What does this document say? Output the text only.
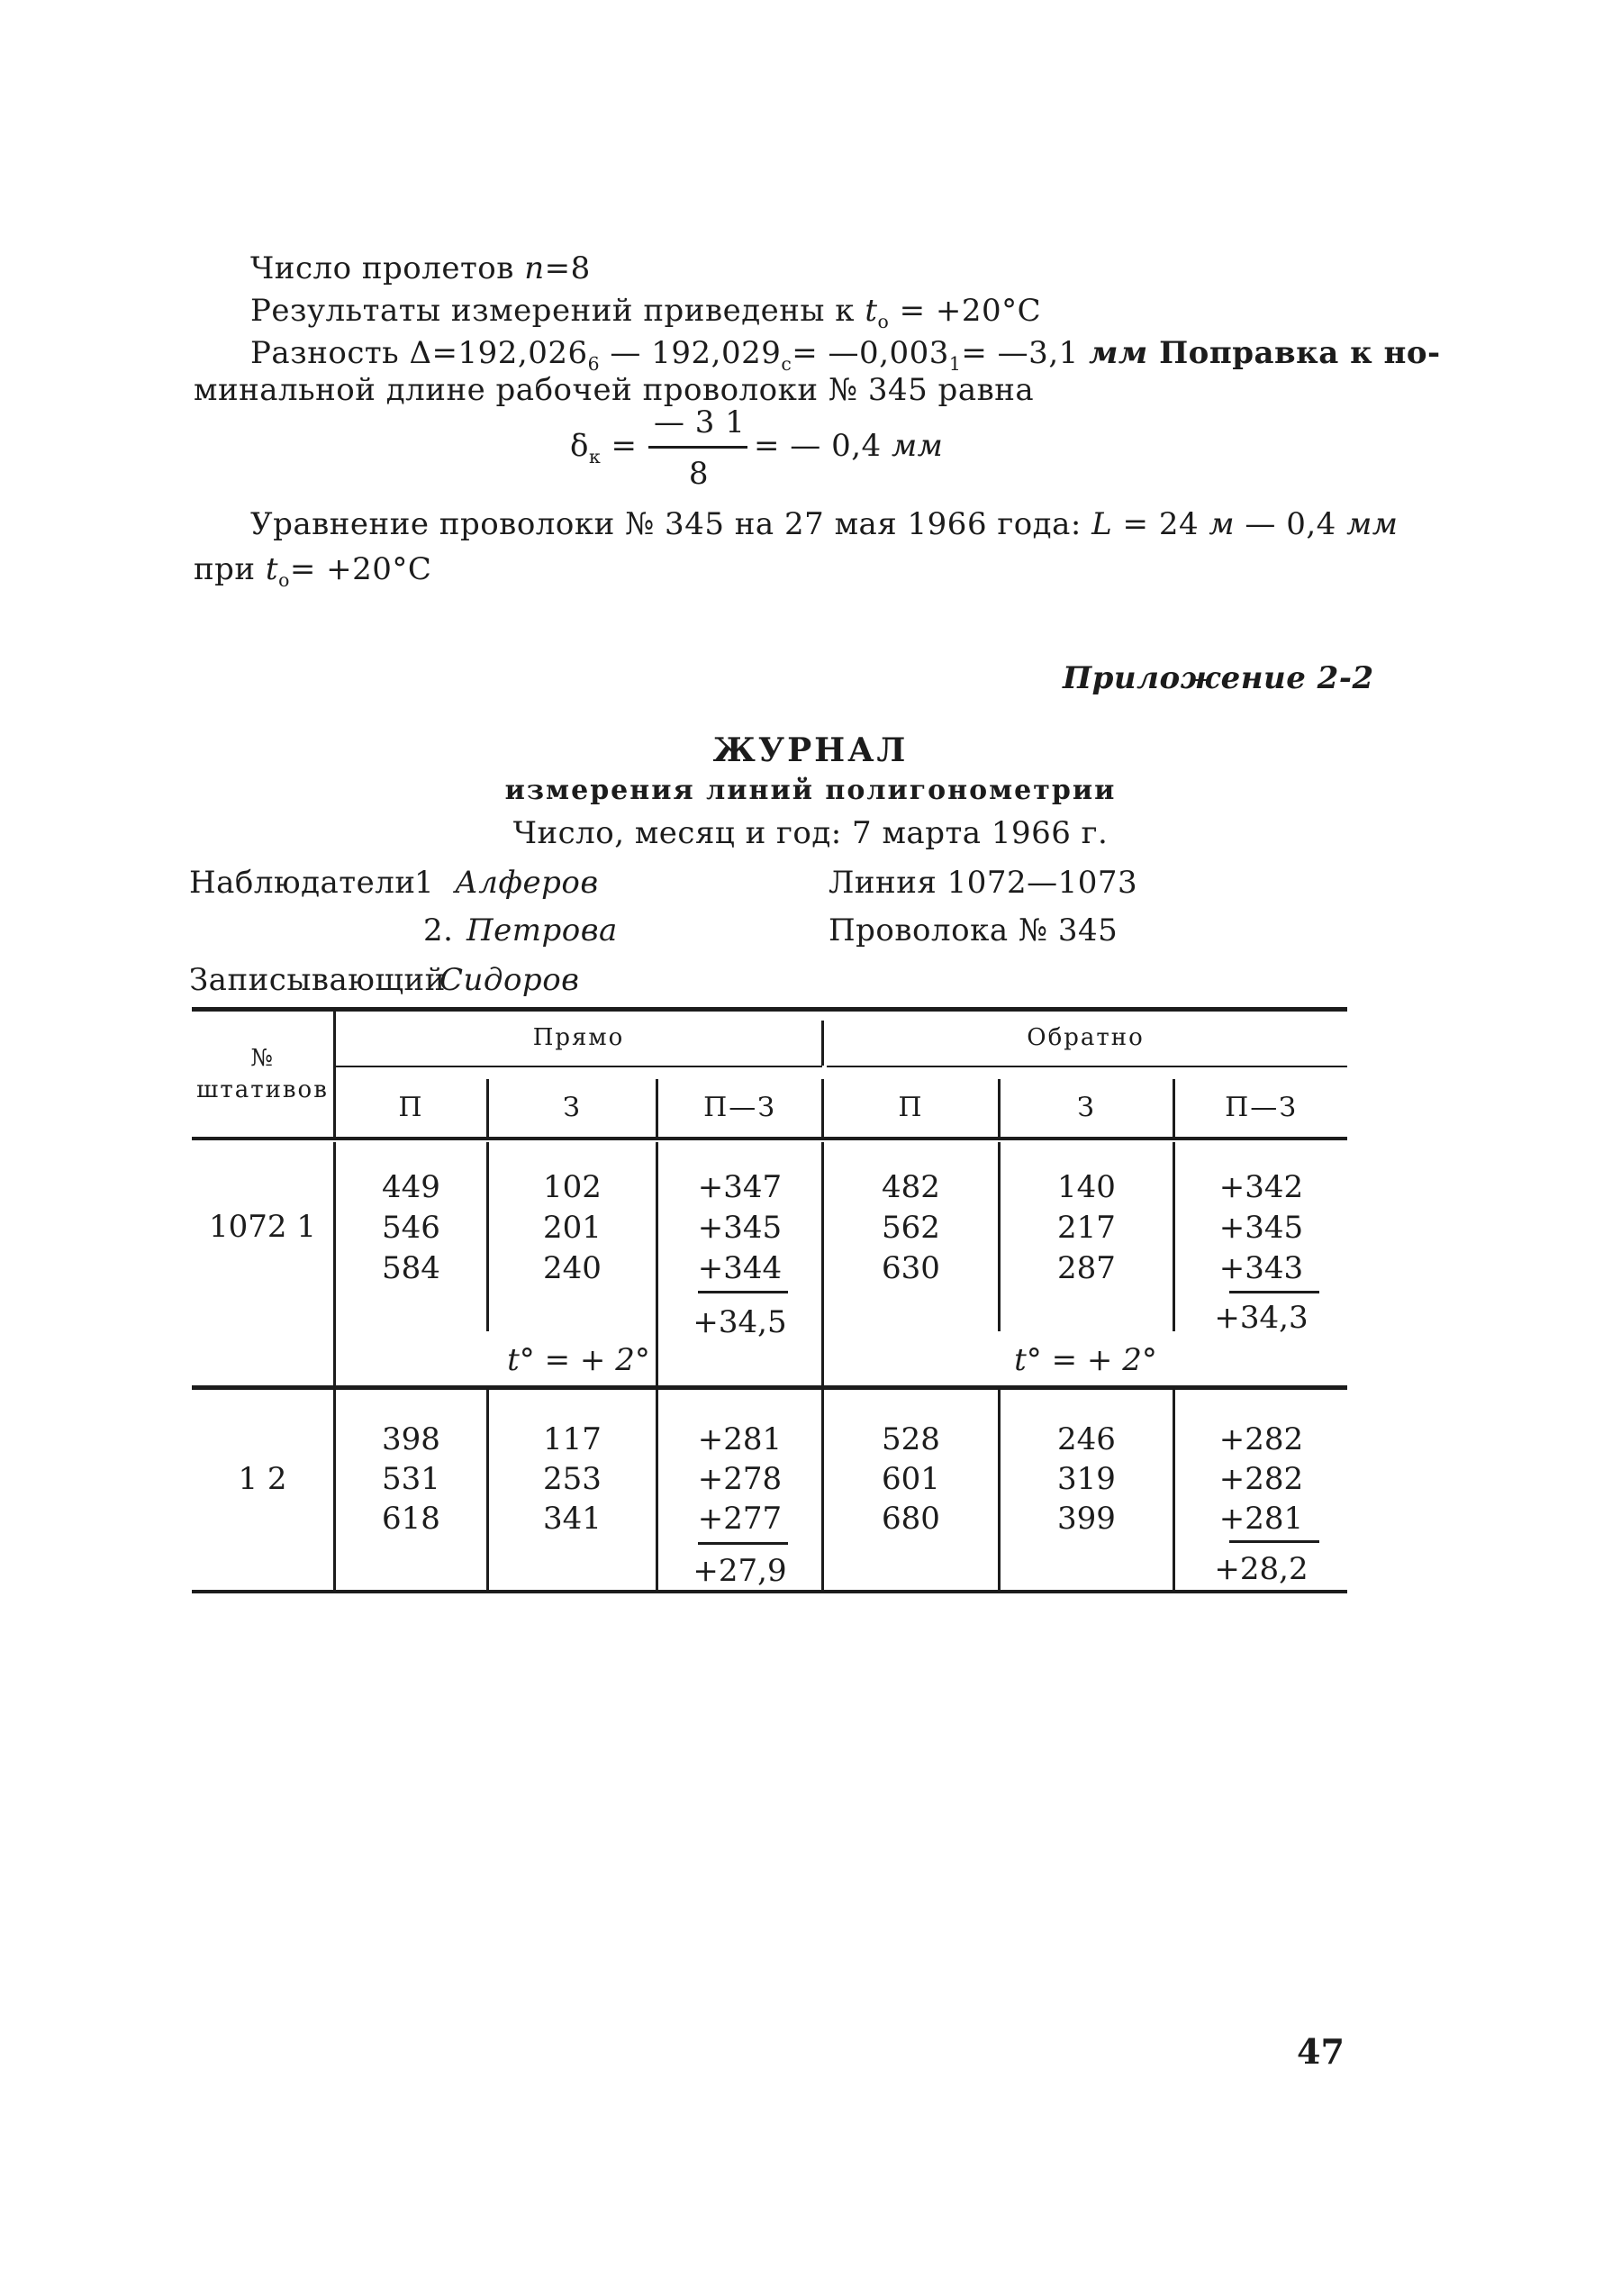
Число пролетов n=8
Результаты измерений приведены к $t_o = +20^\circ С$
Разность $\Delta=192,026_6$ — $192,029_c=$ $—0,003_1=$ —3,1 мм Поправка к но-
минальной длине рабочей проволоки № 345 равна
$\delta_к$ =
— 3 1
8
= — 0,4 мм
Уравнение проволоки № 345 на 27 мая 1966 года: L = 24 м — 0,4 мм
при $t_o= +20^\circ С$
Приложение 2-2
ЖУРНАЛ
измерения линий полигонометрии
Число, месяц и год: 7 марта 1966 г.
Наблюдатели
1 Алферов
2. Петрова
Линия 1072—1073
Проволока № 345
Записывающий
Сидоров
№
штативов
Прямо	Обратно
П	З	П—З	П	З	П—З
1072 1
449	102	+347	482	140	+342
546	201	+345	562	217	+345
584	240	+344	630	287	+343
+34,5	+34,3
t° = + 2°	t° = + 2°
1 2
398	117	+281	528	246	+282
531	253	+278	601	319	+282
618	341	+277	680	399	+281
+27,9	+28,2
47
